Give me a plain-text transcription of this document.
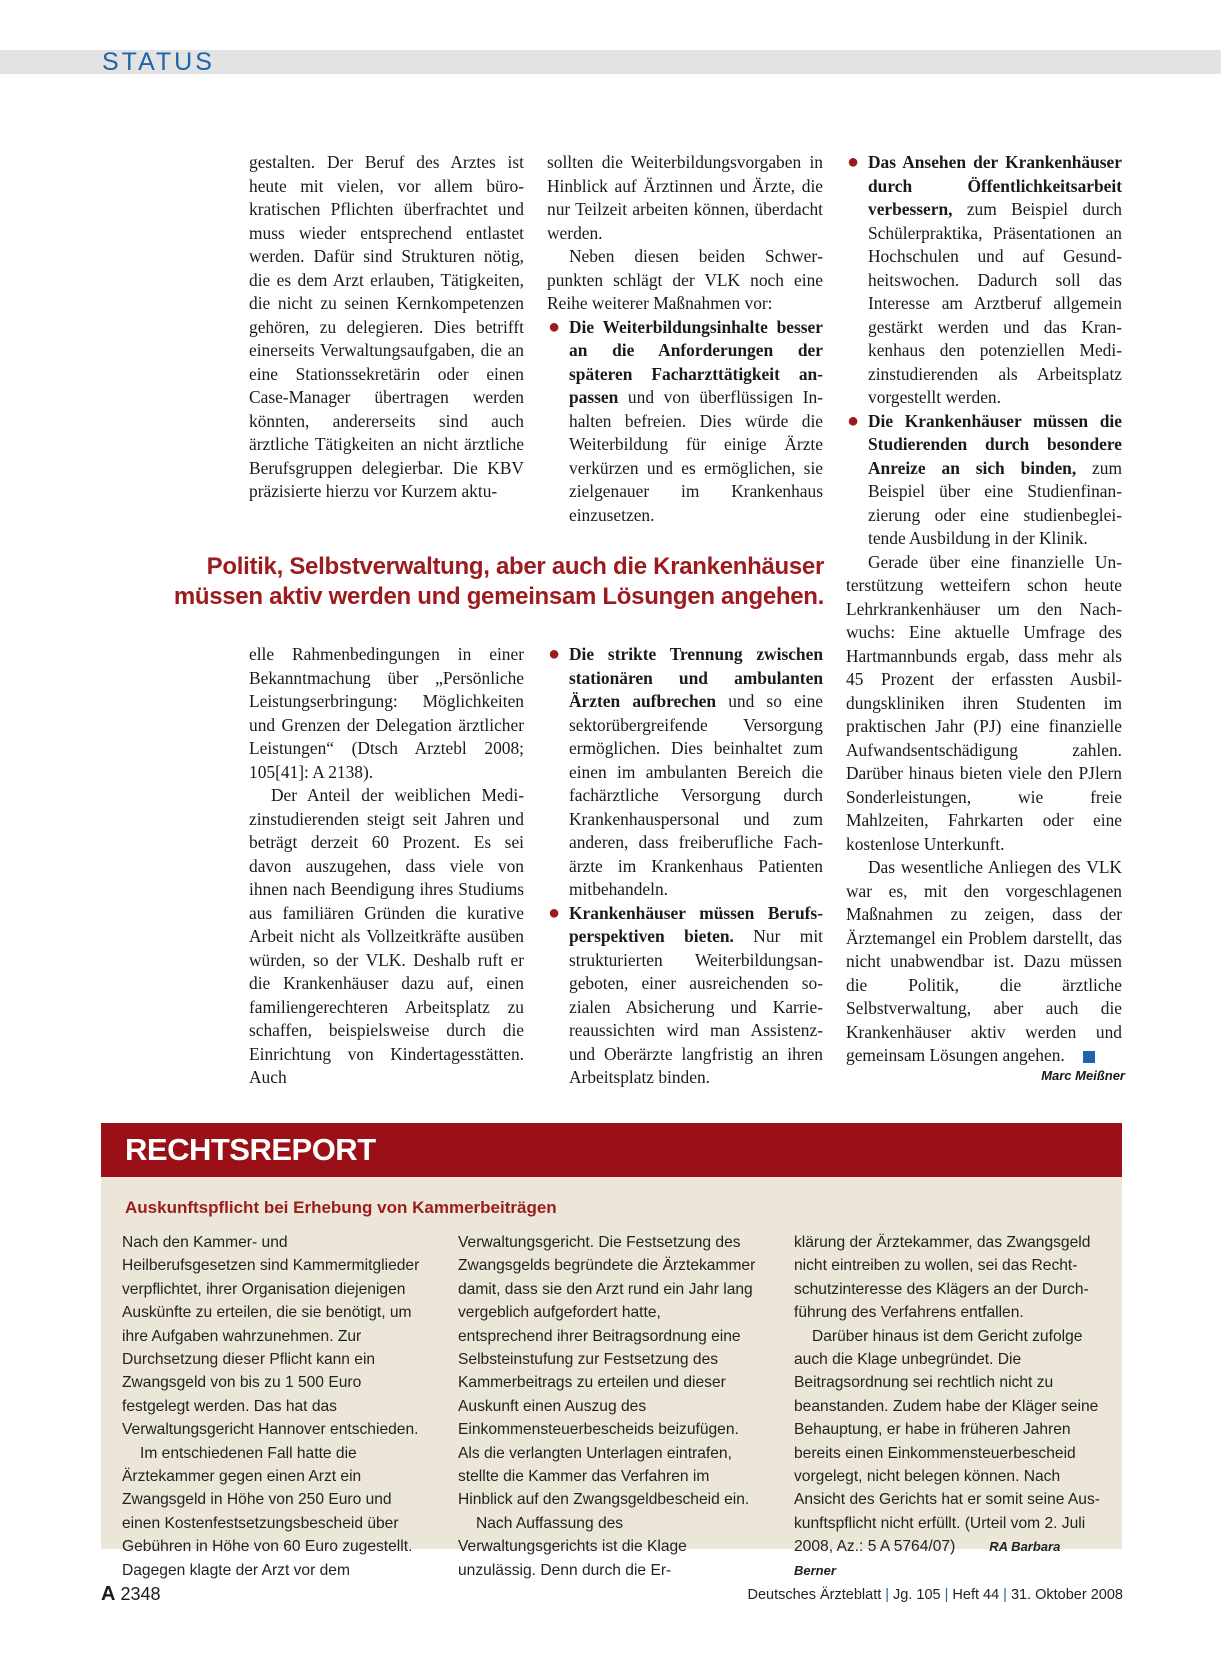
STATUS

gestalten. Der Beruf des Arztes ist heute mit vielen, vor allem bürokratischen Pflichten überfrachtet und muss wieder entsprechend entlastet werden. Dafür sind Strukturen nötig, die es dem Arzt erlauben, Tätigkeiten, die nicht zu seinen Kernkompetenzen gehören, zu delegieren. Dies betrifft einerseits Verwaltungsaufgaben, die an eine Stationssekretärin oder einen Case-Manager übertragen werden könnten, andererseits sind auch ärztliche Tätigkeiten an nicht ärztliche Berufsgruppen delegierbar. Die KBV präzisierte hierzu vor Kurzem aktu-

sollten die Weiterbildungsvorgaben in Hinblick auf Ärztinnen und Ärzte, die nur Teilzeit arbeiten können, überdacht werden.

Neben diesen beiden Schwerpunkten schlägt der VLK noch eine Reihe weiterer Maßnahmen vor:

● Die Weiterbildungsinhalte besser an die Anforderungen der späteren Facharzttätigkeit anpassen und von überflüssigen Inhalten befreien. Dies würde die Weiterbildung für einige Ärzte verkürzen und es ermöglichen, sie zielgenauer im Krankenhaus einzusetzen.
Politik, Selbstverwaltung, aber auch die Krankenhäuser
müssen aktiv werden und gemeinsam Lösungen angehen.

elle Rahmenbedingungen in einer Bekanntmachung über „Persönliche Leistungserbringung: Möglichkeiten und Grenzen der Delegation ärztlicher Leistungen“ (Dtsch Arztebl 2008; 105[41]: A 2138).

Der Anteil der weiblichen Medizinstudierenden steigt seit Jahren und beträgt derzeit 60 Prozent. Es sei davon auszugehen, dass viele von ihnen nach Beendigung ihres Studiums aus familiären Gründen die kurative Arbeit nicht als Vollzeitkräfte ausüben würden, so der VLK. Deshalb ruft er die Krankenhäuser dazu auf, einen familiengerechteren Arbeitsplatz zu schaffen, beispielsweise durch die Einrichtung von Kindertagesstätten. Auch

● Die strikte Trennung zwischen stationären und ambulanten Ärzten aufbrechen und so eine sektorübergreifende Versorgung ermöglichen. Dies beinhaltet zum einen im ambulanten Bereich die fachärztliche Versorgung durch Krankenhauspersonal und zum anderen, dass freiberufliche Fachärzte im Krankenhaus Patienten mitbehandeln.
● Krankenhäuser müssen Berufsperspektiven bieten. Nur mit strukturierten Weiterbildungsangeboten, einer ausreichenden sozialen Absicherung und Karriereaussichten wird man Assistenz- und Oberärzte langfristig an ihren Arbeitsplatz binden.
● Das Ansehen der Krankenhäuser durch Öffentlichkeitsarbeit verbessern, zum Beispiel durch Schülerpraktika, Präsentationen an Hochschulen und auf Gesundheitswochen. Dadurch soll das Interesse am Arztberuf allgemein gestärkt werden und das Krankenhaus den potenziellen Medizinstudierenden als Arbeitsplatz vorgestellt werden.
● Die Krankenhäuser müssen die Studierenden durch besondere Anreize an sich binden, zum Beispiel über eine Studienfinanzierung oder eine studienbegleitende Ausbildung in der Klinik.

Gerade über eine finanzielle Unterstützung wetteifern schon heute Lehrkrankenhäuser um den Nachwuchs: Eine aktuelle Umfrage des Hartmannbunds ergab, dass mehr als 45 Prozent der erfassten Ausbildungskliniken ihren Studenten im praktischen Jahr (PJ) eine finanzielle Aufwandsentschädigung zahlen. Darüber hinaus bieten viele den PJlern Sonderleistungen, wie freie Mahlzeiten, Fahrkarten oder eine kostenlose Unterkunft.

Das wesentliche Anliegen des VLK war es, mit den vorgeschlagenen Maßnahmen zu zeigen, dass der Ärztemangel ein Problem darstellt, das nicht unabwendbar ist. Dazu müssen die Politik, die ärztliche Selbstverwaltung, aber auch die Krankenhäuser aktiv werden und gemeinsam Lösungen angehen.

Marc Meißner
RECHTSREPORT
Auskunftspflicht bei Erhebung von Kammerbeiträgen

Nach den Kammer- und Heilberufsgesetzen sind Kammermitglieder verpflichtet, ihrer Organisation diejenigen Auskünfte zu erteilen, die sie benötigt, um ihre Aufgaben wahrzunehmen. Zur Durchsetzung dieser Pflicht kann ein Zwangsgeld von bis zu 1 500 Euro festgelegt werden. Das hat das Verwaltungsgericht Hannover entschieden.

Im entschiedenen Fall hatte die Ärztekammer gegen einen Arzt ein Zwangsgeld in Höhe von 250 Euro und einen Kostenfestsetzungsbescheid über Gebühren in Höhe von 60 Euro zugestellt. Dagegen klagte der Arzt vor dem

Verwaltungsgericht. Die Festsetzung des Zwangsgelds begründete die Ärztekammer damit, dass sie den Arzt rund ein Jahr lang vergeblich aufgefordert hatte, entsprechend ihrer Beitragsordnung eine Selbsteinstufung zur Festsetzung des Kammerbeitrags zu erteilen und dieser Auskunft einen Auszug des Einkommensteuerbescheids beizufügen. Als die verlangten Unterlagen eintrafen, stellte die Kammer das Verfahren im Hinblick auf den Zwangsgeldbescheid ein.

Nach Auffassung des Verwaltungsgerichts ist die Klage unzulässig. Denn durch die Er-

klärung der Ärztekammer, das Zwangsgeld nicht eintreiben zu wollen, sei das Rechtschutzinteresse des Klägers an der Durchführung des Verfahrens entfallen.

Darüber hinaus ist dem Gericht zufolge auch die Klage unbegründet. Die Beitragsordnung sei rechtlich nicht zu beanstanden. Zudem habe der Kläger seine Behauptung, er habe in früheren Jahren bereits einen Einkommensteuerbescheid vorgelegt, nicht belegen können. Nach Ansicht des Gerichts hat er somit seine Auskunftspflicht nicht erfüllt. (Urteil vom 2. Juli 2008, Az.: 5 A 5764/07)	RA Barbara Berner

A 2348	Deutsches Ärzteblatt | Jg. 105 | Heft 44 | 31. Oktober 2008
